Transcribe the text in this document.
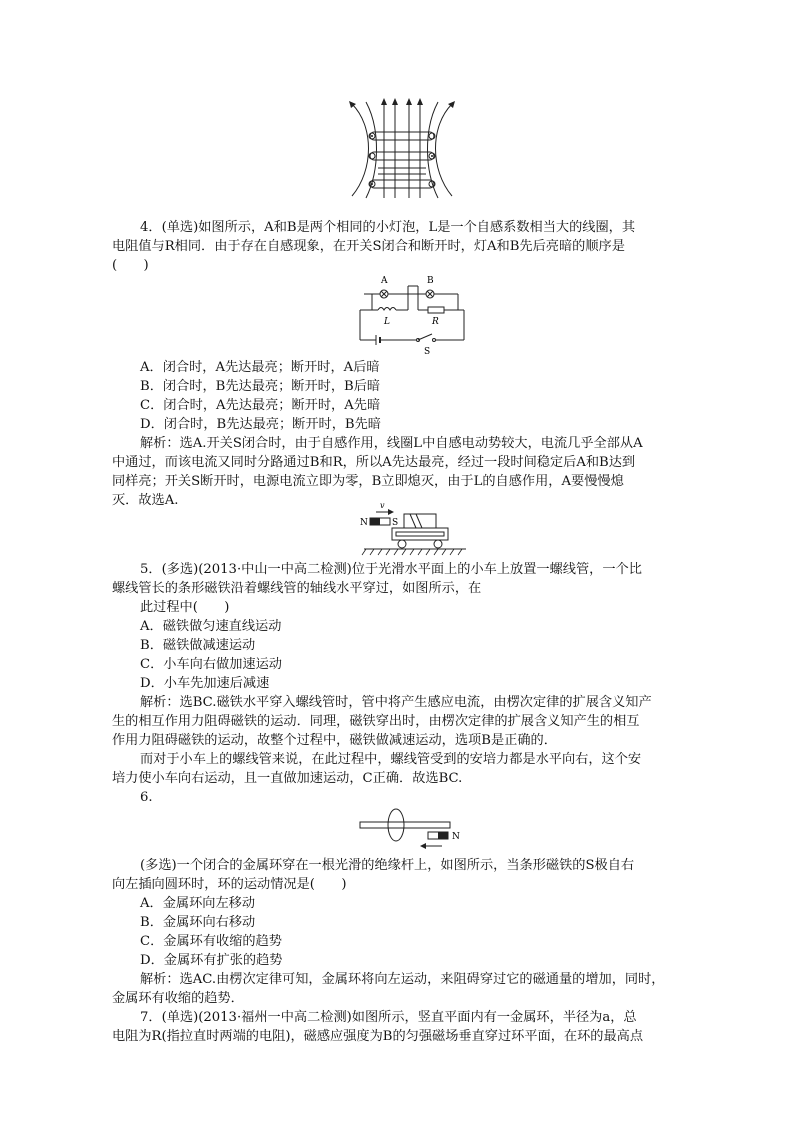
4．(单选)如图所示，A和B是两个相同的小灯泡，L是一个自感系数相当大的线圈，其
电阻值与R相同．由于存在自感现象，在开关S闭合和断开时，灯A和B先后亮暗的顺序是
(　　)
A	B
L	R
S
A．闭合时，A先达最亮；断开时，A后暗
B．闭合时，B先达最亮；断开时，B后暗
C．闭合时，A先达最亮；断开时，A先暗
D．闭合时，B先达最亮；断开时，B先暗
解析：选A.开关S闭合时，由于自感作用，线圈L中自感电动势较大，电流几乎全部从A
中通过，而该电流又同时分路通过B和R，所以A先达最亮，经过一段时间稳定后A和B达到
同样亮；开关S断开时，电源电流立即为零，B立即熄灭，由于L的自感作用，A要慢慢熄
灭．故选A.
N	S
v
5．(多选)(2013·中山一中高二检测)位于光滑水平面上的小车上放置一螺线管，一个比
螺线管长的条形磁铁沿着螺线管的轴线水平穿过，如图所示，在
此过程中(　　)
A．磁铁做匀速直线运动
B．磁铁做减速运动
C．小车向右做加速运动
D．小车先加速后减速
解析：选BC.磁铁水平穿入螺线管时，管中将产生感应电流，由楞次定律的扩展含义知产
生的相互作用力阻碍磁铁的运动．同理，磁铁穿出时，由楞次定律的扩展含义知产生的相互
作用力阻碍磁铁的运动，故整个过程中，磁铁做减速运动，选项B是正确的．
而对于小车上的螺线管来说，在此过程中，螺线管受到的安培力都是水平向右，这个安
培力使小车向右运动，且一直做加速运动，C正确．故选BC.
6.
N
(多选)一个闭合的金属环穿在一根光滑的绝缘杆上，如图所示，当条形磁铁的S极自右
向左插向圆环时，环的运动情况是(　　)
A．金属环向左移动
B．金属环向右移动
C．金属环有收缩的趋势
D．金属环有扩张的趋势
解析：选AC.由楞次定律可知，金属环将向左运动，来阻碍穿过它的磁通量的增加，同时，
金属环有收缩的趋势．
7．(单选)(2013·福州一中高二检测)如图所示，竖直平面内有一金属环，半径为a，总
电阻为R(指拉直时两端的电阻)，磁感应强度为B的匀强磁场垂直穿过环平面，在环的最高点
